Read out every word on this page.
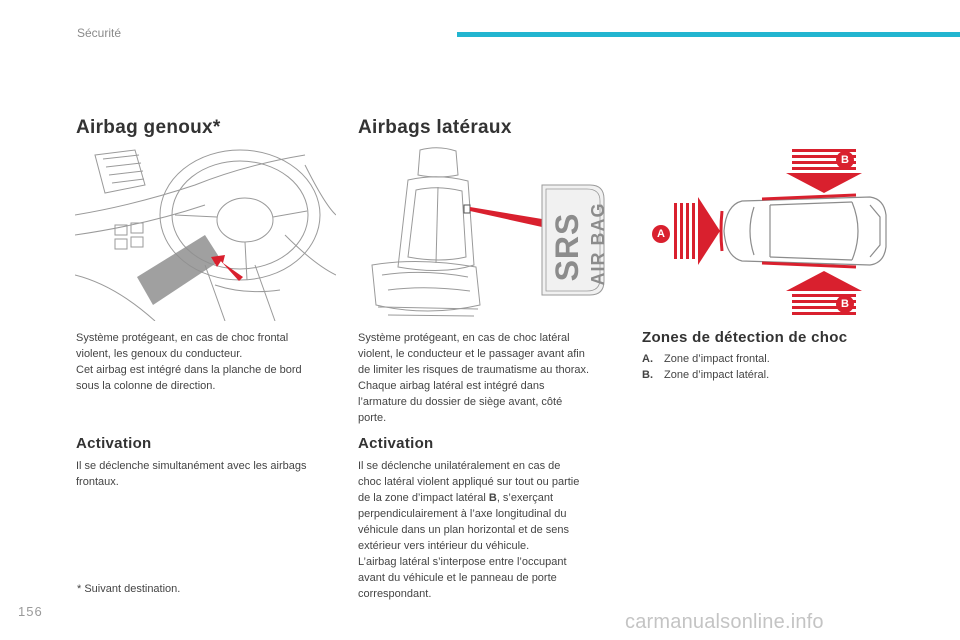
Sécurité
Airbag genoux*

Système protégeant, en cas de choc frontal

violent, les genoux du conducteur.

Cet airbag est intégré dans la planche de bord

sous la colonne de direction.

Activation

Il se déclenche simultanément avec les airbags

frontaux.

* Suivant destination.
Airbags latéraux
SRS AIR BAG

Système protégeant, en cas de choc latéral

violent, le conducteur et le passager avant afin

de limiter les risques de traumatisme au thorax.

Chaque airbag latéral est intégré dans

l’armature du dossier de siège avant, côté

porte.

Activation

Il se déclenche unilatéralement en cas de

choc latéral violent appliqué sur tout ou partie

de la zone d’impact latéral B, s’exerçant

perpendiculairement à l’axe longitudinal du

véhicule dans un plan horizontal et de sens

extérieur vers intérieur du véhicule.

L’airbag latéral s’interpose entre l’occupant

avant du véhicule et le panneau de porte

correspondant.

A
B
B
Zones de détection de choc
A.	Zone d’impact frontal.
B.	Zone d’impact latéral.
156	carmanualsonline.info
